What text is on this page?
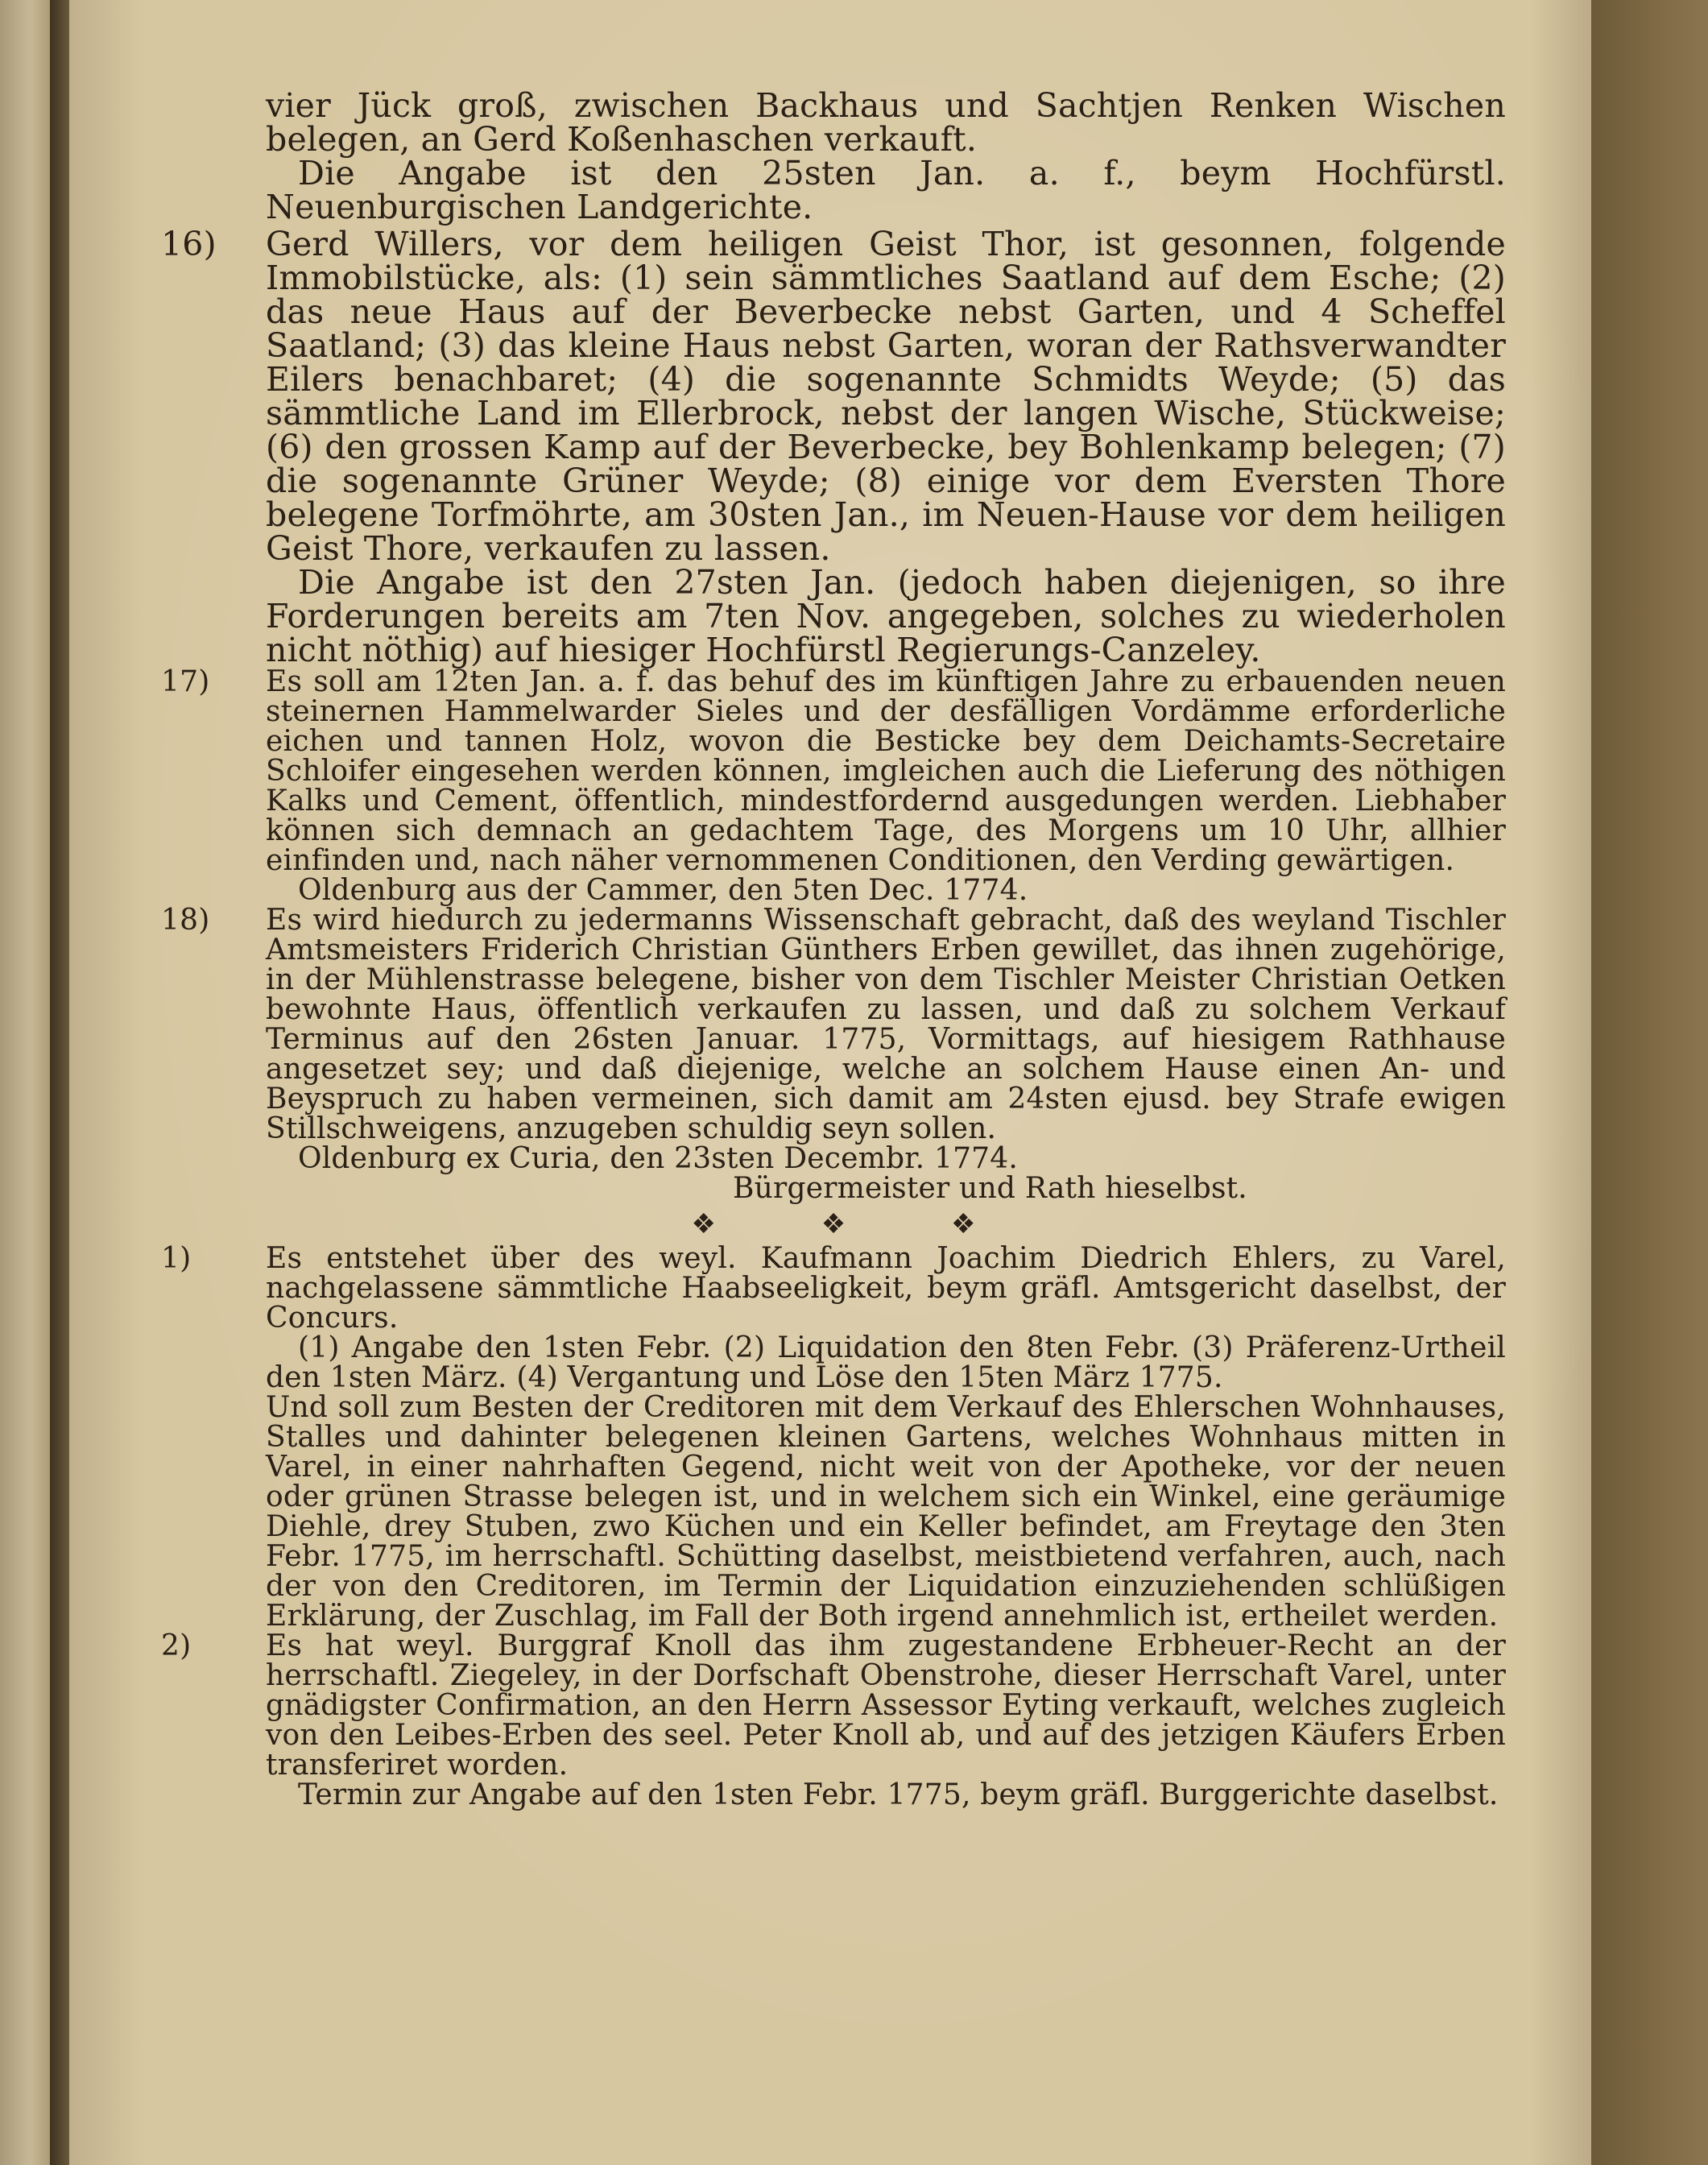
vier Jück groß, zwischen Backhaus und Sachtjen Renken Wischen belegen, an Gerd Koßenhaschen verkauft.

Die Angabe ist den 25sten Jan. a. f., beym Hochfürstl. Neuenburgischen Landgerichte.

16)	Gerd Willers, vor dem heiligen Geist Thor, ist gesonnen, folgende Immobilstücke, als: (1) sein sämmtliches Saatland auf dem Esche; (2) das neue Haus auf der Beverbecke nebst Garten, und 4 Scheffel Saatland; (3) das kleine Haus nebst Garten, woran der Rathsverwandter Eilers benachbaret; (4) die sogenannte Schmidts Weyde; (5) das sämmtliche Land im Ellerbrock, nebst der langen Wische, Stückweise; (6) den grossen Kamp auf der Beverbecke, bey Bohlenkamp belegen; (7) die sogenannte Grüner Weyde; (8) einige vor dem Eversten Thore belegene Torfmöhrte, am 30sten Jan., im Neuen-Hause vor dem heiligen Geist Thore, verkaufen zu lassen.

Die Angabe ist den 27sten Jan. (jedoch haben diejenigen, so ihre Forderungen bereits am 7ten Nov. angegeben, solches zu wiederholen nicht nöthig) auf hiesiger Hochfürstl Regierungs-Canzeley.

17)	Es soll am 12ten Jan. a. f. das behuf des im künftigen Jahre zu erbauenden neuen steinernen Hammelwarder Sieles und der desfälligen Vordämme erforderliche eichen und tannen Holz, wovon die Besticke bey dem Deichamts-Secretaire Schloifer eingesehen werden können, imgleichen auch die Lieferung des nöthigen Kalks und Cement, öffentlich, mindestfordernd ausgedungen werden. Liebhaber können sich demnach an gedachtem Tage, des Morgens um 10 Uhr, allhier einfinden und, nach näher vernommenen Conditionen, den Verding gewärtigen.

Oldenburg aus der Cammer, den 5ten Dec. 1774.

18)	Es wird hiedurch zu jedermanns Wissenschaft gebracht, daß des weyland Tischler Amtsmeisters Friderich Christian Günthers Erben gewillet, das ihnen zugehörige, in der Mühlenstrasse belegene, bisher von dem Tischler Meister Christian Oetken bewohnte Haus, öffentlich verkaufen zu lassen, und daß zu solchem Verkauf Terminus auf den 26sten Januar. 1775, Vormittags, auf hiesigem Rathhause angesetzet sey; und daß diejenige, welche an solchem Hause einen An- und Beyspruch zu haben vermeinen, sich damit am 24sten ejusd. bey Strafe ewigen Stillschweigens, anzugeben schuldig seyn sollen.

Oldenburg ex Curia, den 23sten Decembr. 1774.

Bürgermeister und Rath hieselbst.

❖	❖	❖
1)	Es entstehet über des weyl. Kaufmann Joachim Diedrich Ehlers, zu Varel, nachgelassene sämmtliche Haabseeligkeit, beym gräfl. Amtsgericht daselbst, der Concurs.

(1) Angabe den 1sten Febr. (2) Liquidation den 8ten Febr. (3) Präferenz-Urtheil den 1sten März. (4) Vergantung und Löse den 15ten März 1775.

Und soll zum Besten der Creditoren mit dem Verkauf des Ehlerschen Wohnhauses, Stalles und dahinter belegenen kleinen Gartens, welches Wohnhaus mitten in Varel, in einer nahrhaften Gegend, nicht weit von der Apotheke, vor der neuen oder grünen Strasse belegen ist, und in welchem sich ein Winkel, eine geräumige Diehle, drey Stuben, zwo Küchen und ein Keller befindet, am Freytage den 3ten Febr. 1775, im herrschaftl. Schütting daselbst, meistbietend verfahren, auch, nach der von den Creditoren, im Termin der Liquidation einzuziehenden schlüßigen Erklärung, der Zuschlag, im Fall der Both irgend annehmlich ist, ertheilet werden.

2)	Es hat weyl. Burggraf Knoll das ihm zugestandene Erbheuer-Recht an der herrschaftl. Ziegeley, in der Dorfschaft Obenstrohe, dieser Herrschaft Varel, unter gnädigster Confirmation, an den Herrn Assessor Eyting verkauft, welches zugleich von den Leibes-Erben des seel. Peter Knoll ab, und auf des jetzigen Käufers Erben transferiret worden.

Termin zur Angabe auf den 1sten Febr. 1775, beym gräfl. Burggerichte daselbst.
